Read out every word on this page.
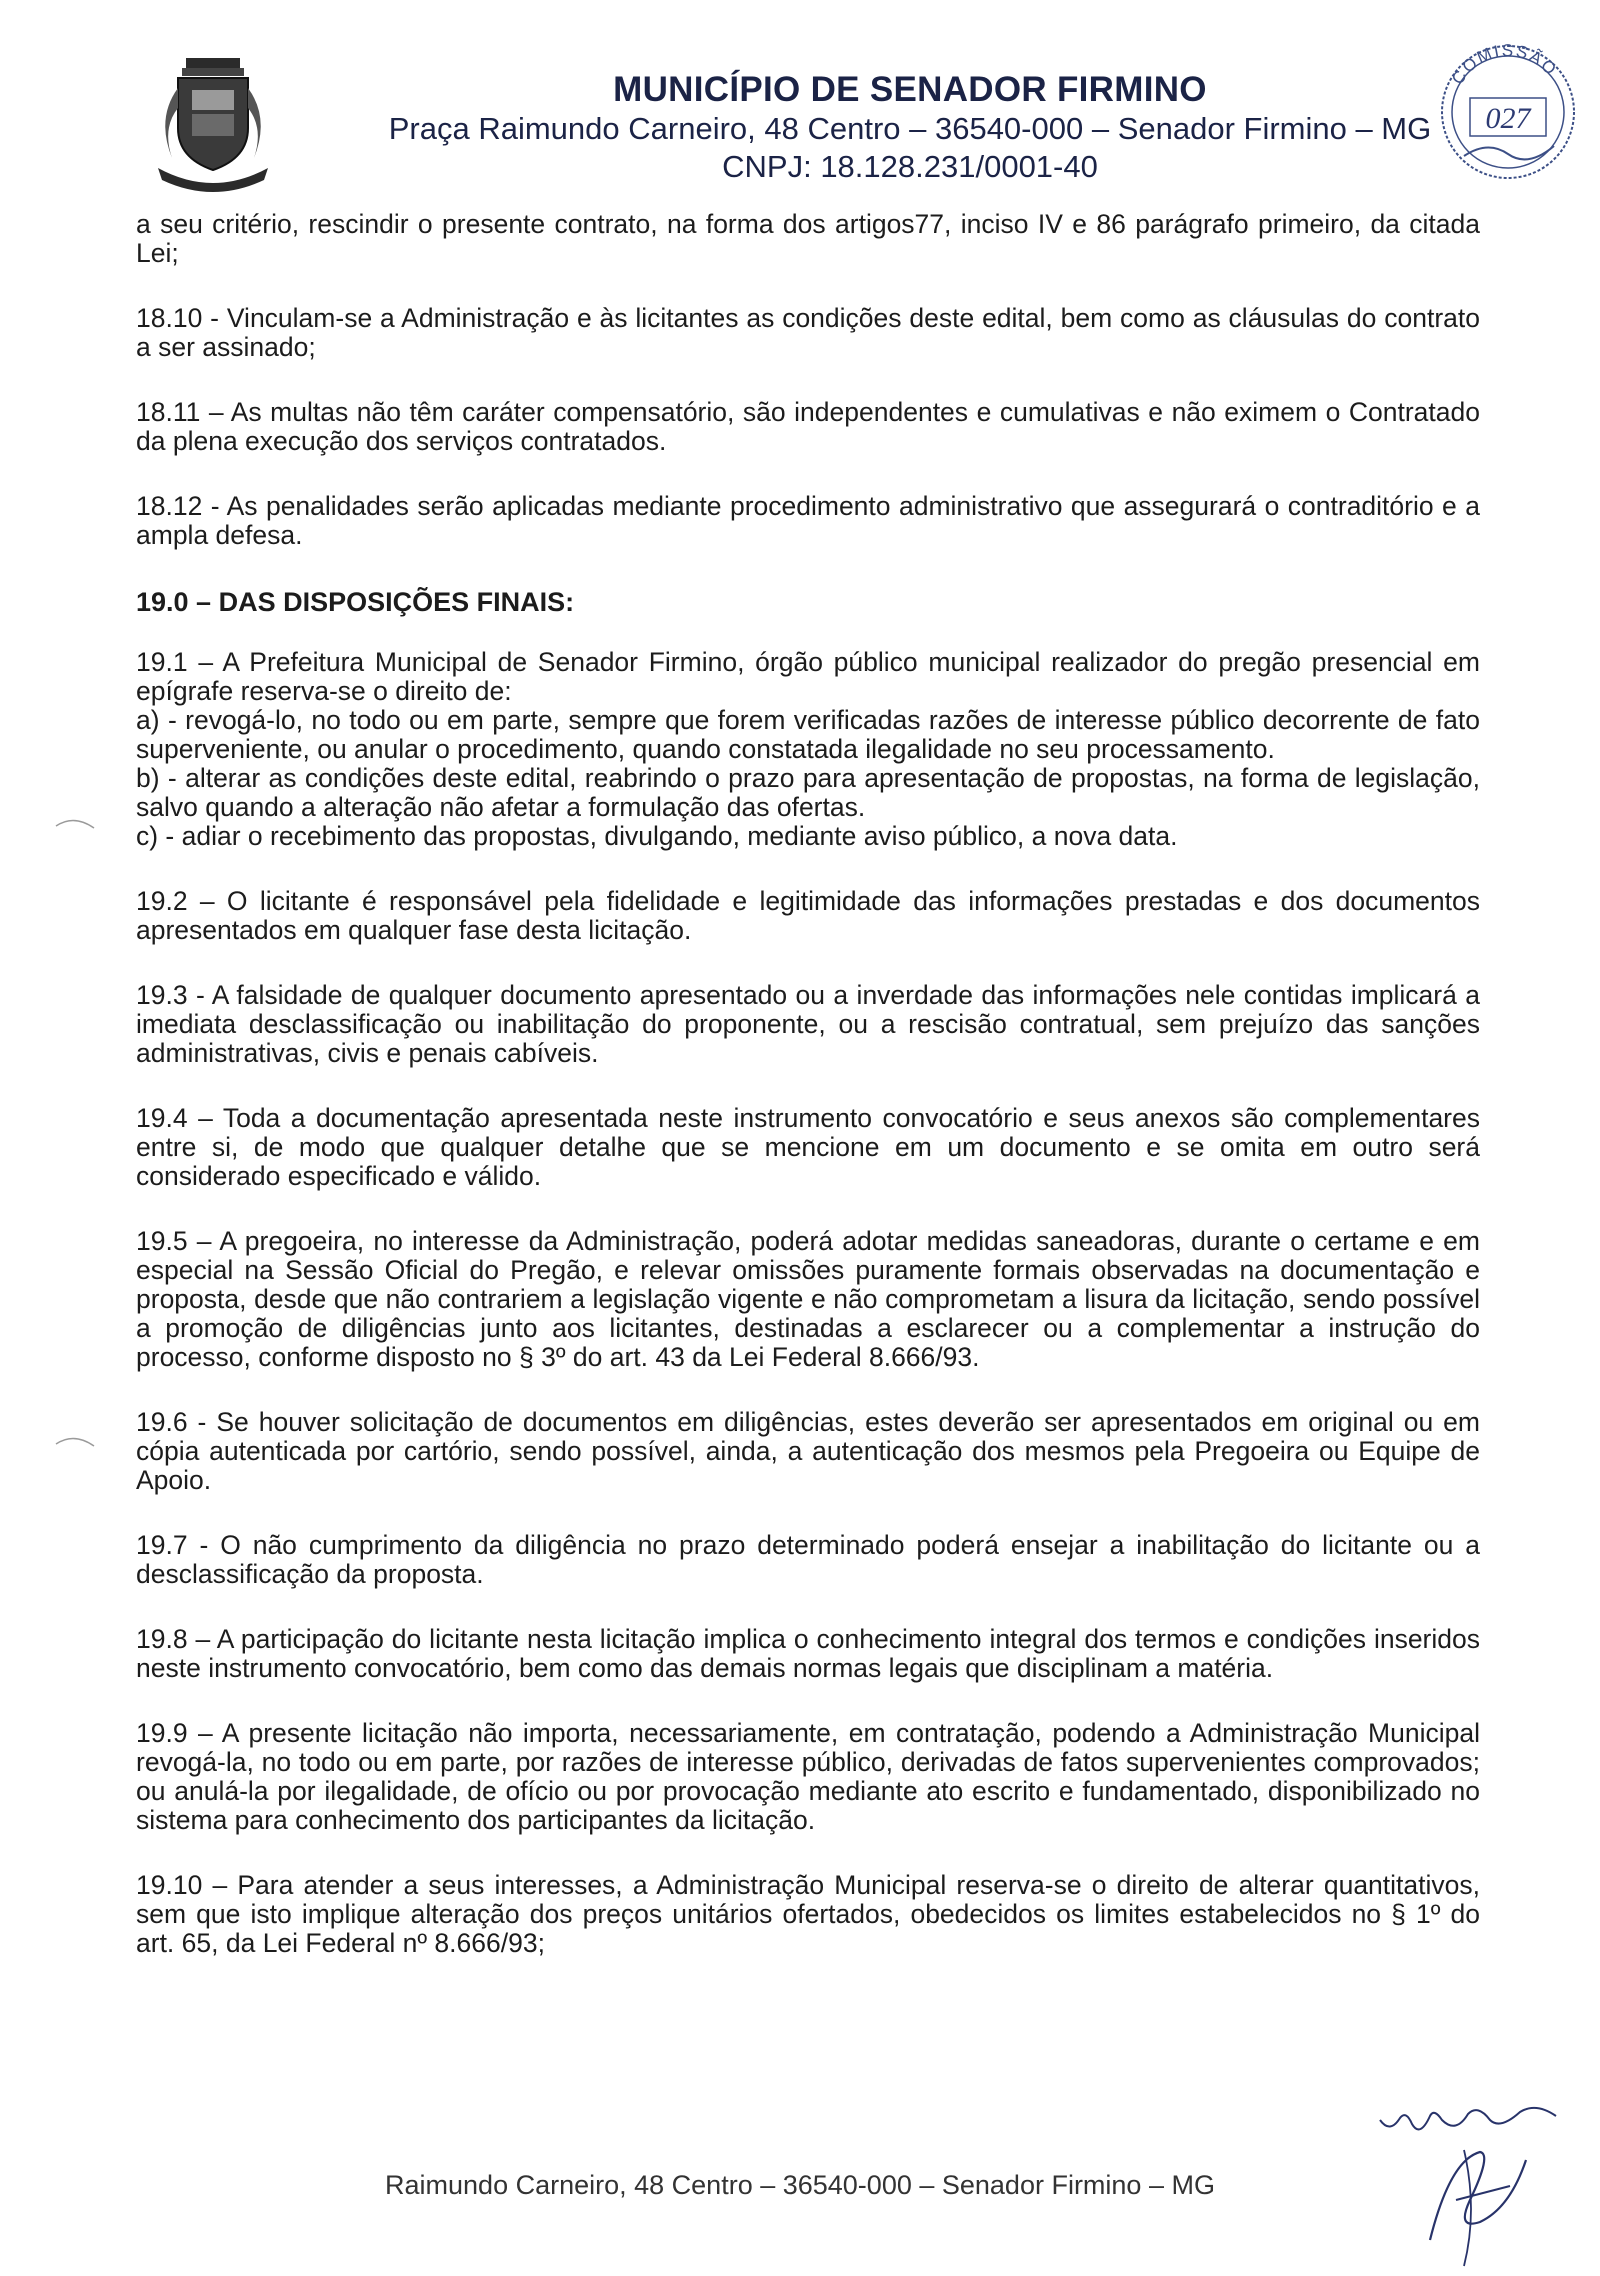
MUNICÍPIO DE SENADOR FIRMINO
Praça Raimundo Carneiro, 48 Centro – 36540-000 – Senador Firmino – MG
CNPJ: 18.128.231/0001-40
COMISSÃO
027

a seu critério, rescindir o presente contrato, na forma dos artigos77, inciso IV e 86 parágrafo primeiro, da citada Lei;

18.10 - Vinculam-se a Administração e às licitantes as condições deste edital, bem como as cláusulas do contrato a ser assinado;

18.11 – As multas não têm caráter compensatório, são independentes e cumulativas e não eximem o Contratado da plena execução dos serviços contratados.

18.12 - As penalidades serão aplicadas mediante procedimento administrativo que assegurará o contraditório e a ampla defesa.

19.0 – DAS DISPOSIÇÕES FINAIS:

19.1 – A Prefeitura Municipal de Senador Firmino, órgão público municipal realizador do pregão presencial em epígrafe reserva-se o direito de:

a) - revogá-lo, no todo ou em parte, sempre que forem verificadas razões de interesse público decorrente de fato superveniente, ou anular o procedimento, quando constatada ilegalidade no seu processamento.

b) - alterar as condições deste edital, reabrindo o prazo para apresentação de propostas, na forma de legislação, salvo quando a alteração não afetar a formulação das ofertas.

c) - adiar o recebimento das propostas, divulgando, mediante aviso público, a nova data.

19.2 – O licitante é responsável pela fidelidade e legitimidade das informações prestadas e dos documentos apresentados em qualquer fase desta licitação.

19.3 - A falsidade de qualquer documento apresentado ou a inverdade das informações nele contidas implicará a imediata desclassificação ou inabilitação do proponente, ou a rescisão contratual, sem prejuízo das sanções administrativas, civis e penais cabíveis.

19.4 – Toda a documentação apresentada neste instrumento convocatório e seus anexos são complementares entre si, de modo que qualquer detalhe que se mencione em um documento e se omita em outro será considerado especificado e válido.

19.5 – A pregoeira, no interesse da Administração, poderá adotar medidas saneadoras, durante o certame e em especial na Sessão Oficial do Pregão, e relevar omissões puramente formais observadas na documentação e proposta, desde que não contrariem a legislação vigente e não comprometam a lisura da licitação, sendo possível a promoção de diligências junto aos licitantes, destinadas a esclarecer ou a complementar a instrução do processo, conforme disposto no § 3º do art. 43 da Lei Federal 8.666/93.

19.6 - Se houver solicitação de documentos em diligências, estes deverão ser apresentados em original ou em cópia autenticada por cartório, sendo possível, ainda, a autenticação dos mesmos pela Pregoeira ou Equipe de Apoio.

19.7 - O não cumprimento da diligência no prazo determinado poderá ensejar a inabilitação do licitante ou a desclassificação da proposta.

19.8 – A participação do licitante nesta licitação implica o conhecimento integral dos termos e condições inseridos neste instrumento convocatório, bem como das demais normas legais que disciplinam a matéria.

19.9 – A presente licitação não importa, necessariamente, em contratação, podendo a Administração Municipal revogá-la, no todo ou em parte, por razões de interesse público, derivadas de fatos supervenientes comprovados; ou anulá-la por ilegalidade, de ofício ou por provocação mediante ato escrito e fundamentado, disponibilizado no sistema para conhecimento dos participantes da licitação.

19.10 – Para atender a seus interesses, a Administração Municipal reserva-se o direito de alterar quantitativos, sem que isto implique alteração dos preços unitários ofertados, obedecidos os limites estabelecidos no § 1º do art. 65, da Lei Federal nº 8.666/93;

Raimundo Carneiro, 48 Centro – 36540-000 – Senador Firmino – MG
